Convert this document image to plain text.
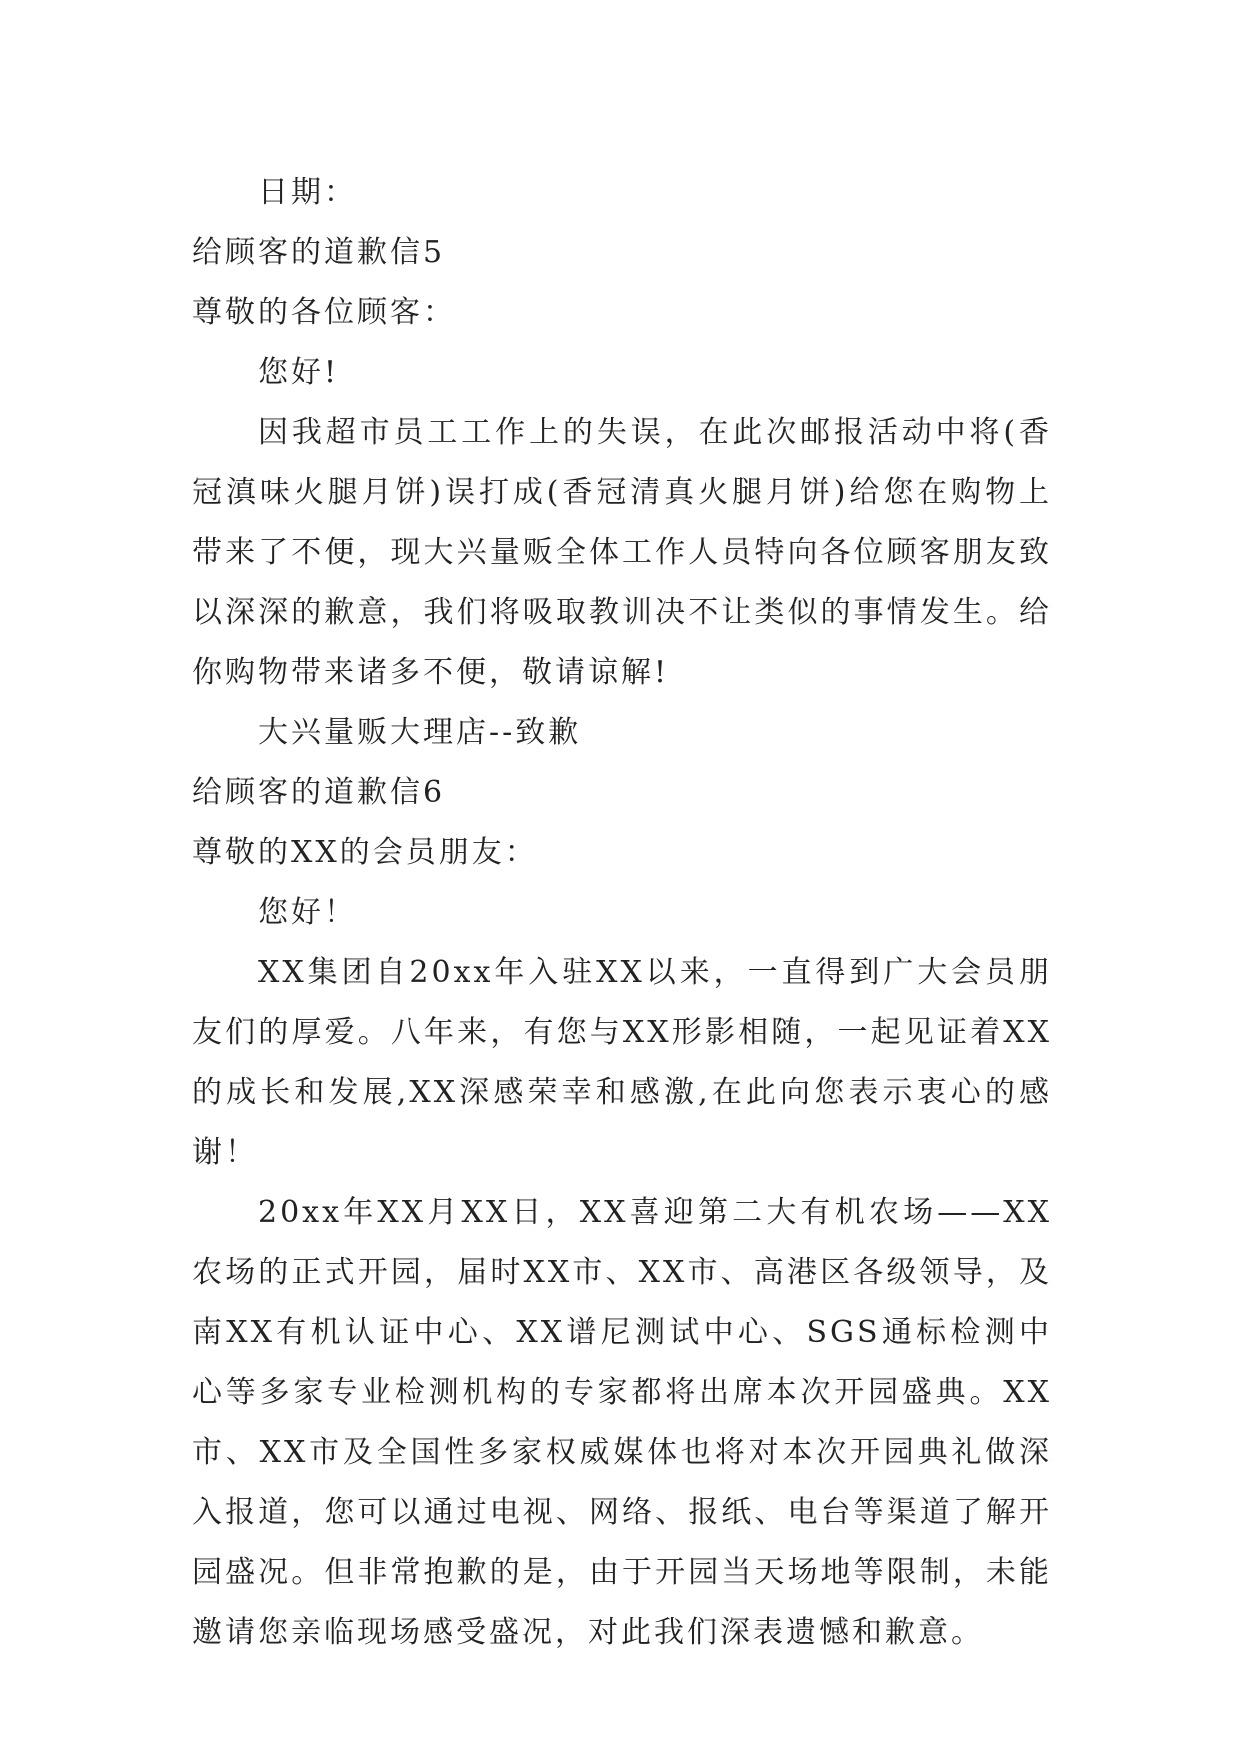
日期：

给顾客的道歉信5

尊敬的各位顾客：

您好!

因我超市员工工作上的失误，在此次邮报活动中将(香冠滇味火腿月饼)误打成(香冠清真火腿月饼)给您在购物上带来了不便，现大兴量贩全体工作人员特向各位顾客朋友致以深深的歉意，我们将吸取教训决不让类似的事情发生。给你购物带来诸多不便，敬请谅解!

大兴量贩大理店--致歉

给顾客的道歉信6

尊敬的XX的会员朋友：

您好！

XX集团自20xx年入驻XX以来，一直得到广大会员朋友们的厚爱。八年来，有您与XX形影相随，一起见证着XX的成长和发展,XX深感荣幸和感激,在此向您表示衷心的感谢！

20xx年XX月XX日，XX喜迎第二大有机农场——XX农场的正式开园，届时XX市、XX市、高港区各级领导，及南XX有机认证中心、XX谱尼测试中心、SGS通标检测中心等多家专业检测机构的专家都将出席本次开园盛典。XX市、XX市及全国性多家权威媒体也将对本次开园典礼做深入报道，您可以通过电视、网络、报纸、电台等渠道了解开园盛况。但非常抱歉的是，由于开园当天场地等限制，未能邀请您亲临现场感受盛况，对此我们深表遗憾和歉意。
